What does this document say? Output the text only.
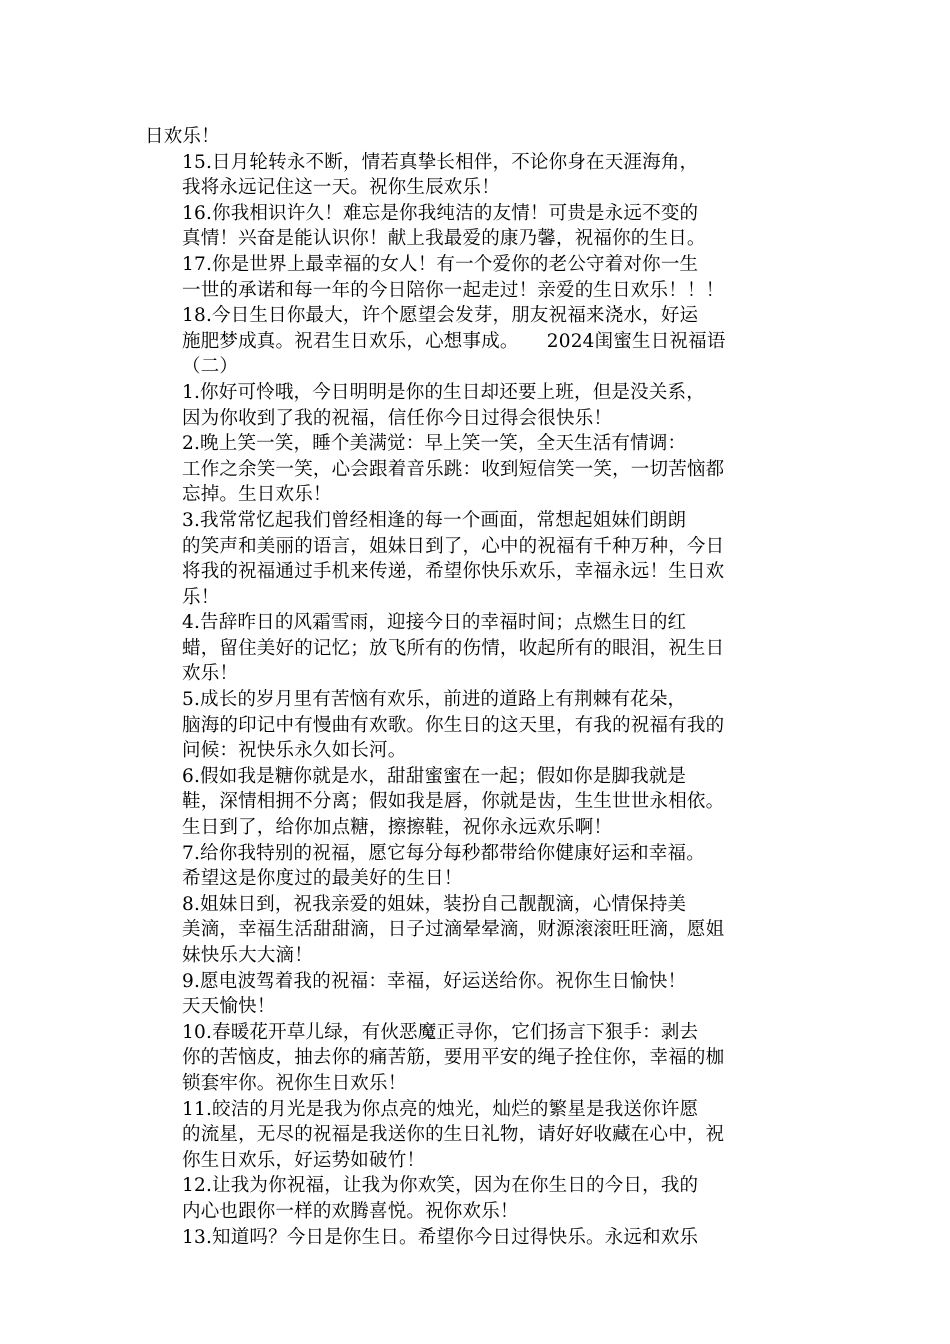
日欢乐！

15.日月轮转永不断，情若真挚长相伴，不论你身在天涯海角，
我将永远记住这一天。祝你生辰欢乐！

16.你我相识许久！难忘是你我纯洁的友情！可贵是永远不变的
真情！兴奋是能认识你！献上我最爱的康乃馨，祝福你的生日。

17.你是世界上最幸福的女人！有一个爱你的老公守着对你一生
一世的承诺和每一年的今日陪你一起走过！亲爱的生日欢乐！！！

18.今日生日你最大，许个愿望会发芽，朋友祝福来浇水，好运
施肥梦成真。祝君生日欢乐，心想事成。　　2024闺蜜生日祝福语
（二）

1.你好可怜哦，今日明明是你的生日却还要上班，但是没关系，
因为你收到了我的祝福，信任你今日过得会很快乐！

2.晚上笑一笑，睡个美满觉：早上笑一笑，全天生活有情调：
工作之余笑一笑，心会跟着音乐跳：收到短信笑一笑，一切苦恼都
忘掉。生日欢乐！

3.我常常忆起我们曾经相逢的每一个画面，常想起姐妹们朗朗
的笑声和美丽的语言，姐妹日到了，心中的祝福有千种万种，今日
将我的祝福通过手机来传递，希望你快乐欢乐，幸福永远！生日欢
乐！

4.告辞昨日的风霜雪雨，迎接今日的幸福时间；点燃生日的红
蜡，留住美好的记忆；放飞所有的伤情，收起所有的眼泪，祝生日
欢乐！

5.成长的岁月里有苦恼有欢乐，前进的道路上有荆棘有花朵，
脑海的印记中有慢曲有欢歌。你生日的这天里，有我的祝福有我的
问候：祝快乐永久如长河。

6.假如我是糖你就是水，甜甜蜜蜜在一起；假如你是脚我就是
鞋，深情相拥不分离；假如我是唇，你就是齿，生生世世永相依。
生日到了，给你加点糖，擦擦鞋，祝你永远欢乐啊！

7.给你我特别的祝福，愿它每分每秒都带给你健康好运和幸福。
希望这是你度过的最美好的生日！

8.姐妹日到，祝我亲爱的姐妹，装扮自己靓靓滴，心情保持美
美滴，幸福生活甜甜滴，日子过滴晕晕滴，财源滚滚旺旺滴，愿姐
妹快乐大大滴！

9.愿电波驾着我的祝福：幸福，好运送给你。祝你生日愉快！
天天愉快！

10.春暖花开草儿绿，有伙恶魔正寻你，它们扬言下狠手：剥去
你的苦恼皮，抽去你的痛苦筋，要用平安的绳子拴住你，幸福的枷
锁套牢你。祝你生日欢乐！

11.皎洁的月光是我为你点亮的烛光，灿烂的繁星是我送你许愿
的流星，无尽的祝福是我送你的生日礼物，请好好收藏在心中，祝
你生日欢乐，好运势如破竹！

12.让我为你祝福，让我为你欢笑，因为在你生日的今日，我的
内心也跟你一样的欢腾喜悦。祝你欢乐！

13.知道吗？今日是你生日。希望你今日过得快乐。永远和欢乐
